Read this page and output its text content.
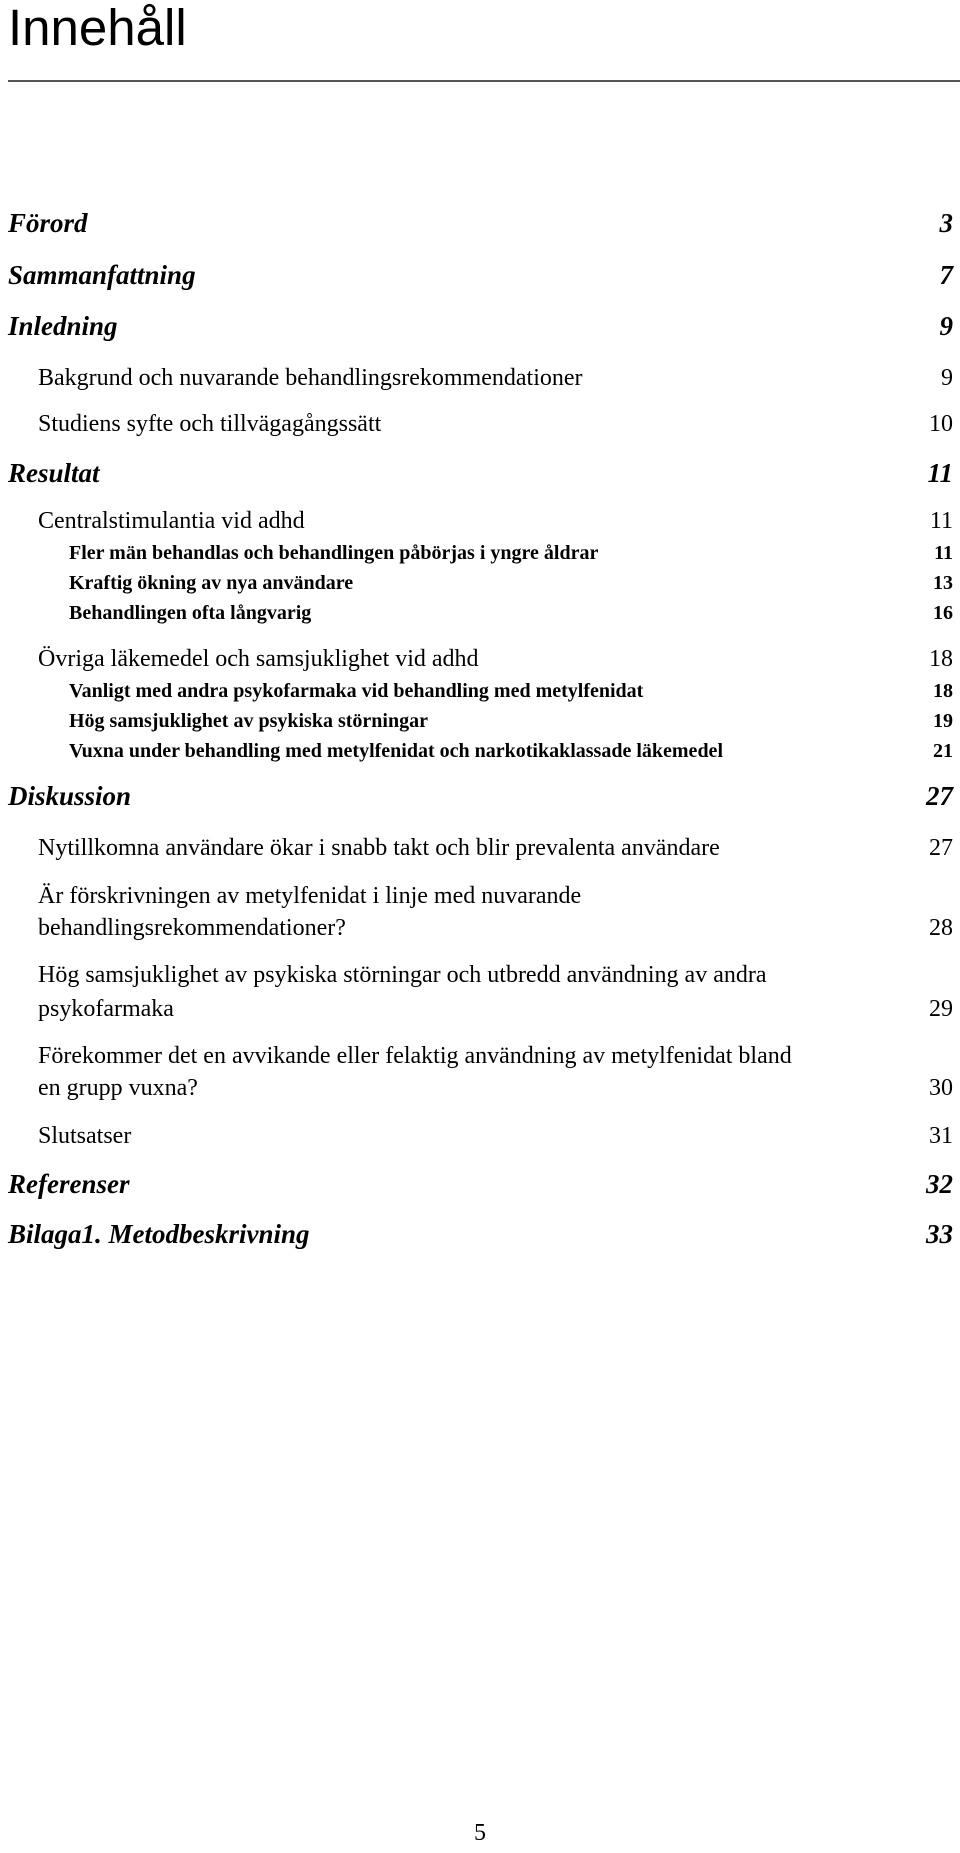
Innehåll
Förord	3
Sammanfattning	7
Inledning	9
Bakgrund och nuvarande behandlingsrekommendationer	9
Studiens syfte och tillvägagångssätt	10
Resultat	11
Centralstimulantia vid adhd	11
Fler män behandlas och behandlingen påbörjas i yngre åldrar	11
Kraftig ökning av nya användare	13
Behandlingen ofta långvarig	16
Övriga läkemedel och samsjuklighet vid adhd	18
Vanligt med andra psykofarmaka vid behandling med metylfenidat	18
Hög samsjuklighet av psykiska störningar	19
Vuxna under behandling med metylfenidat och narkotikaklassade läkemedel	21
Diskussion	27
Nytillkomna användare ökar i snabb takt och blir prevalenta användare	27
Är förskrivningen av metylfenidat i linje med nuvarande
behandlingsrekommendationer?	28
Hög samsjuklighet av psykiska störningar och utbredd användning av andra
psykofarmaka	29
Förekommer det en avvikande eller felaktig användning av metylfenidat bland
en grupp vuxna?	30
Slutsatser	31
Referenser	32
Bilaga1. Metodbeskrivning	33
5
